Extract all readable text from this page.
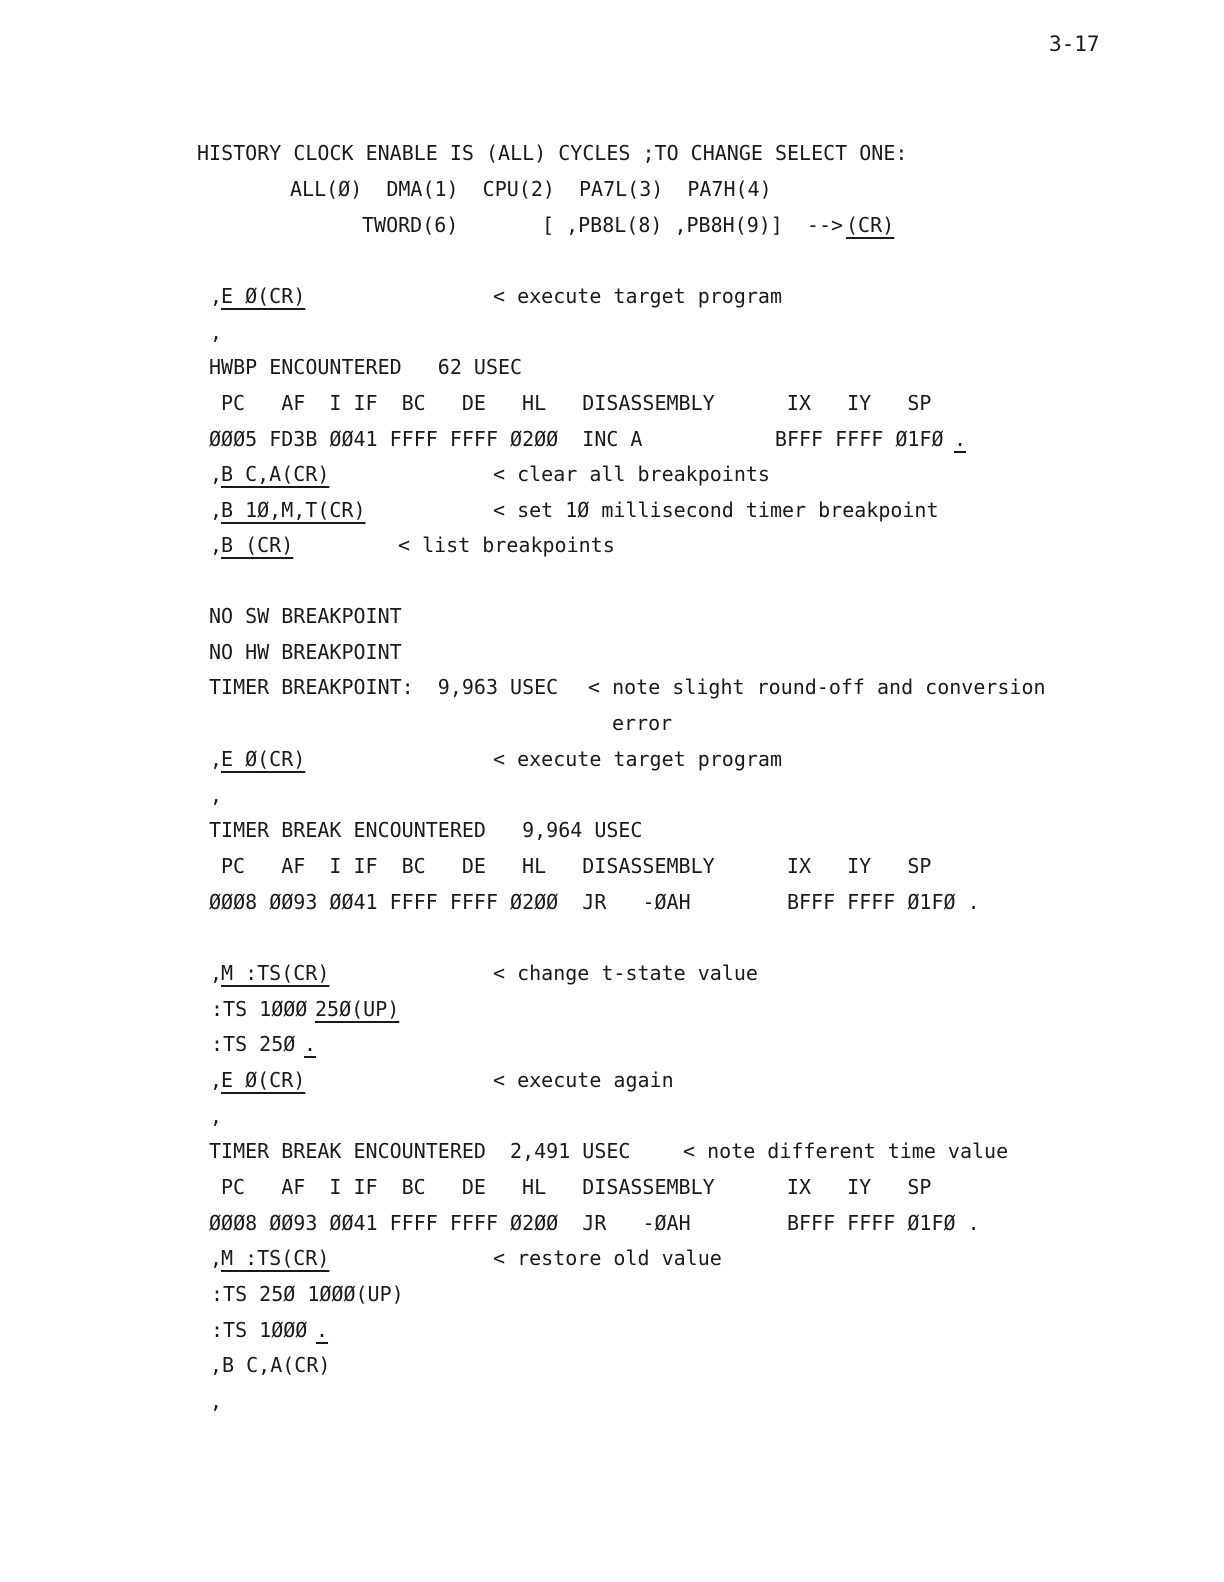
3-17
HISTORY CLOCK ENABLE IS (ALL) CYCLES ;TO CHANGE SELECT ONE:
ALL(Ø)  DMA(1)  CPU(2)  PA7L(3)  PA7H(4)
TWORD(6)	[ ,PB8L(8) ,PB8H(9)]  --> (CR)
,
E Ø(CR)	< execute target program
,
HWBP ENCOUNTERED   62 USEC
PC   AF  I IF  BC   DE   HL   DISASSEMBLY      IX   IY   SP
ØØØ5 FD3B ØØ41 FFFF FFFF Ø2ØØ  INC A           BFFF FFFF Ø1FØ .
,
B C,A(CR)	< clear all breakpoints
,
B 1Ø,M,T(CR)	< set 1Ø millisecond timer breakpoint
,
B (CR)	< list breakpoints
NO SW BREAKPOINT
NO HW BREAKPOINT
TIMER BREAKPOINT:  9,963 USEC < note slight round-off and conversion
error
,
E Ø(CR)	< execute target program
,
TIMER BREAK ENCOUNTERED   9,964 USEC
PC   AF  I IF  BC   DE   HL   DISASSEMBLY      IX   IY   SP
ØØØ8 ØØ93 ØØ41 FFFF FFFF Ø2ØØ  JR   -ØAH        BFFF FFFF Ø1FØ .
,
M :TS(CR)	< change t-state value
:TS 1ØØØ 25Ø(UP)
:TS 25Ø .
,
E Ø(CR)	< execute again
,
TIMER BREAK ENCOUNTERED  2,491 USEC	< note different time value
PC   AF  I IF  BC   DE   HL   DISASSEMBLY      IX   IY   SP
ØØØ8 ØØ93 ØØ41 FFFF FFFF Ø2ØØ  JR   -ØAH        BFFF FFFF Ø1FØ .
,
M :TS(CR)	< restore old value
:TS 25Ø 1ØØØ(UP)
:TS 1ØØØ .
,B C,A(CR)
,
